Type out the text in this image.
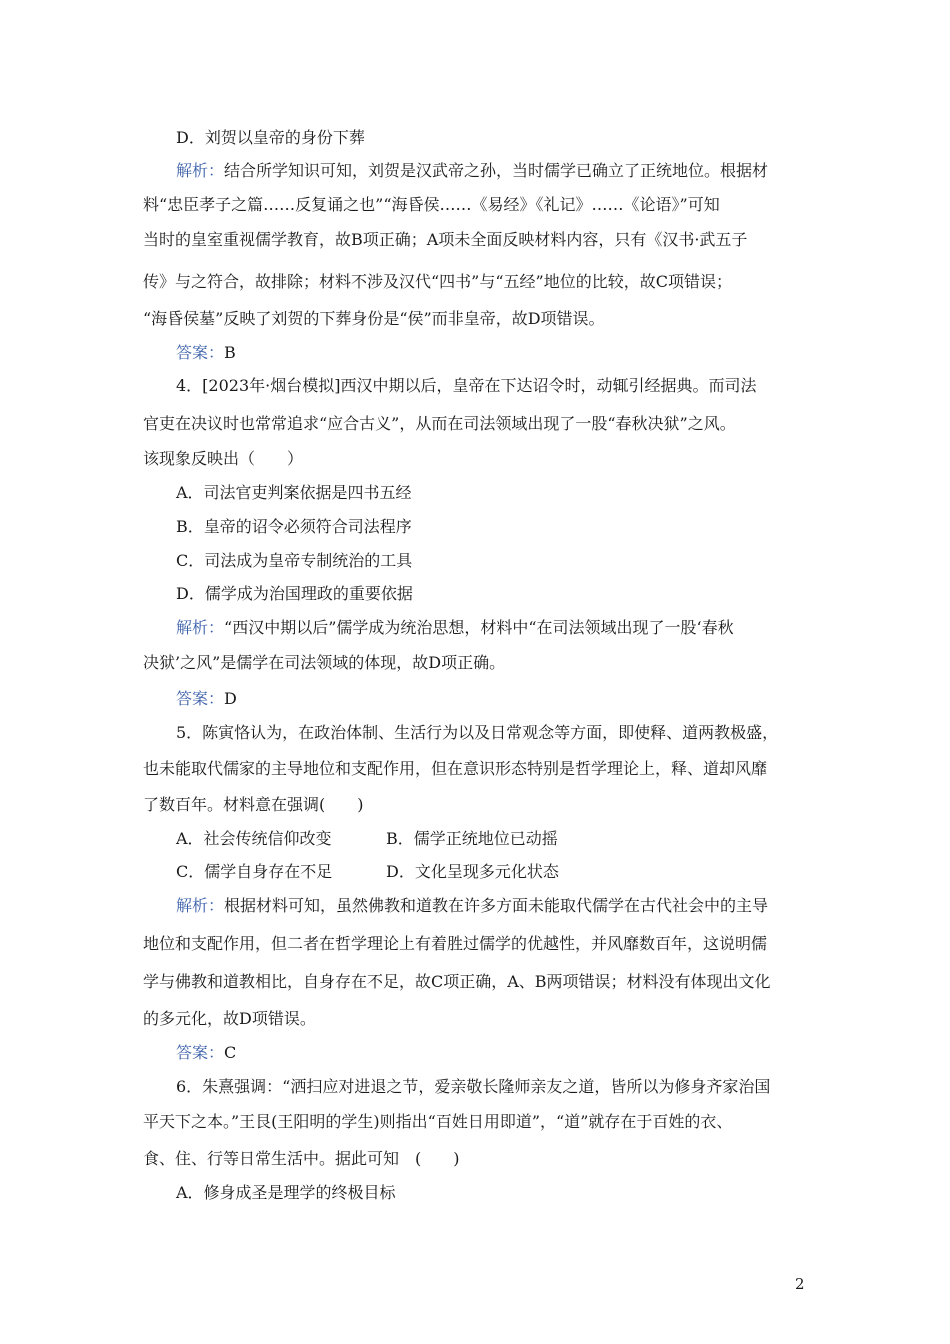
D．刘贺以皇帝的身份下葬
解析：结合所学知识可知，刘贺是汉武帝之孙，当时儒学已确立了正统地位。根据材
料“忠臣孝子之篇……反复诵之也”“海昏侯……《易经》《礼记》……《论语》”可知
当时的皇室重视儒学教育，故B项正确；A项未全面反映材料内容，只有《汉书·武五子
传》与之符合，故排除；材料不涉及汉代“四书”与“五经”地位的比较，故C项错误；
“海昏侯墓”反映了刘贺的下葬身份是“侯”而非皇帝，故D项错误。
答案：B
4．[2023年·烟台模拟]西汉中期以后，皇帝在下达诏令时，动辄引经据典。而司法
官吏在决议时也常常追求“应合古义”，从而在司法领域出现了一股“春秋决狱”之风。
该现象反映出（　　）
A．司法官吏判案依据是四书五经
B．皇帝的诏令必须符合司法程序
C．司法成为皇帝专制统治的工具
D．儒学成为治国理政的重要依据
解析：“西汉中期以后”儒学成为统治思想，材料中“在司法领域出现了一股‘春秋
决狱’之风”是儒学在司法领域的体现，故D项正确。
答案：D
5．陈寅恪认为，在政治体制、生活行为以及日常观念等方面，即使释、道两教极盛，
也未能取代儒家的主导地位和支配作用，但在意识形态特别是哲学理论上，释、道却风靡
了数百年。材料意在强调(　　)
A．社会传统信仰改变	B．儒学正统地位已动摇
C．儒学自身存在不足	D．文化呈现多元化状态
解析：根据材料可知，虽然佛教和道教在许多方面未能取代儒学在古代社会中的主导
地位和支配作用，但二者在哲学理论上有着胜过儒学的优越性，并风靡数百年，这说明儒
学与佛教和道教相比，自身存在不足，故C项正确，A、B两项错误；材料没有体现出文化
的多元化，故D项错误。
答案：C
6．朱熹强调：“洒扫应对进退之节，爱亲敬长隆师亲友之道，皆所以为修身齐家治国
平天下之本。”王艮(王阳明的学生)则指出“百姓日用即道”，“道”就存在于百姓的衣、
食、住、行等日常生活中。据此可知　(　　)
A．修身成圣是理学的终极目标
2
